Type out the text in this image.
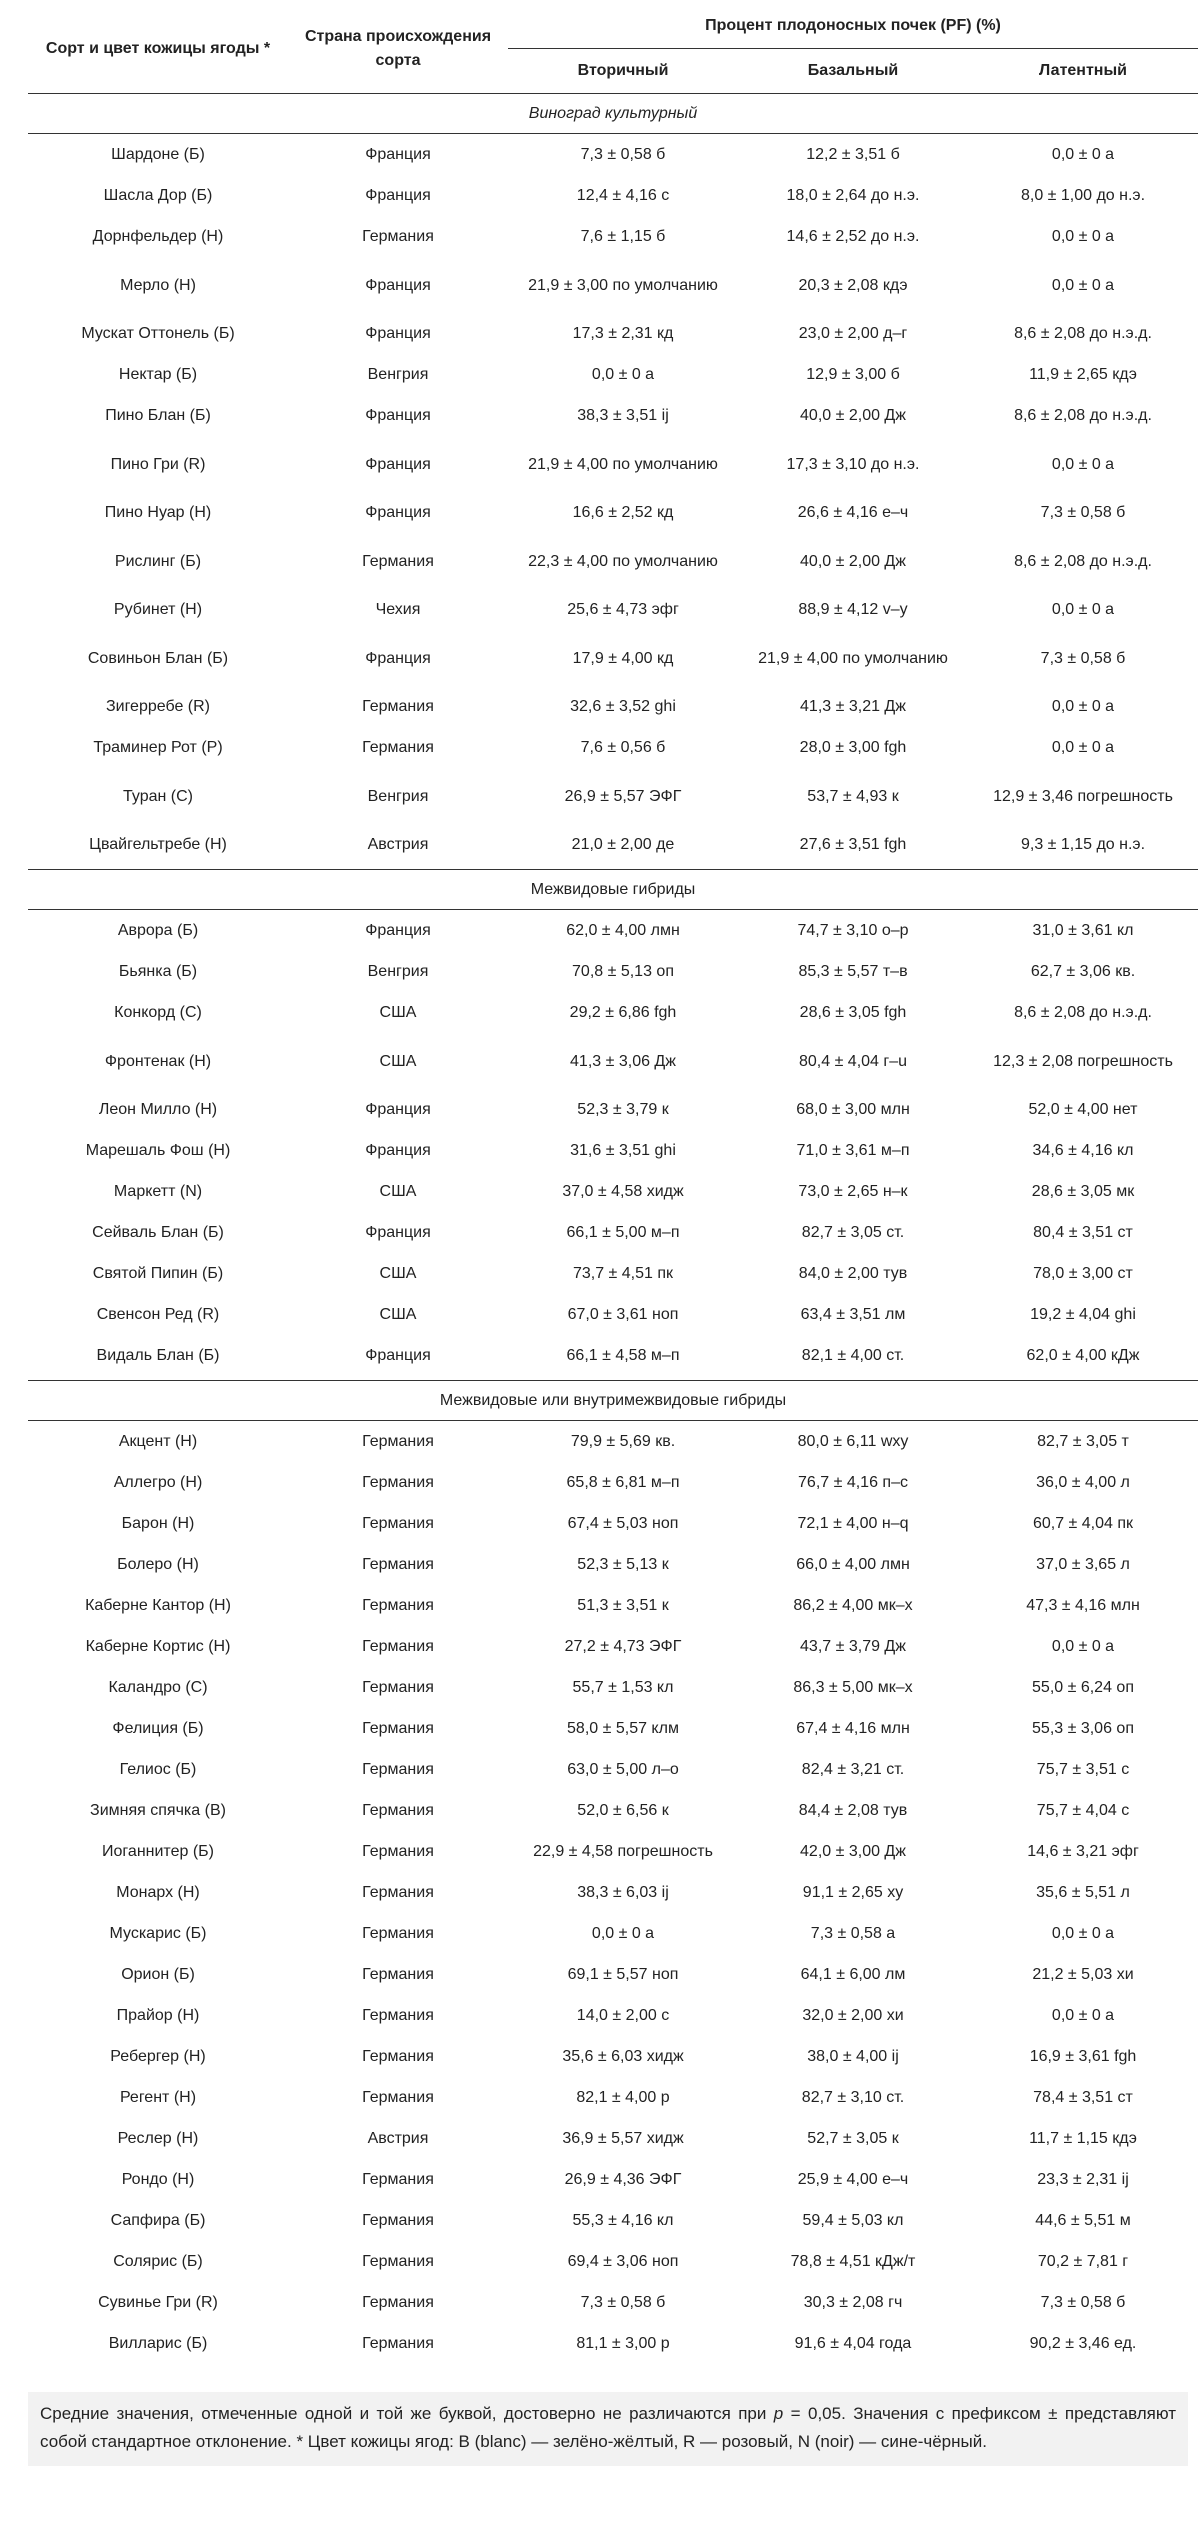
Сорт и цвет кожицы ягоды *	Страна происхождения сорта	Процент плодоносных почек (PF) (%)		
		Вторичный	Базальный	Латентный
Виноград культурный				
Шардоне (Б)	Франция	7,3 ± 0,58 б	12,2 ± 3,51 б	0,0 ± 0 а
Шасла Дор (Б)	Франция	12,4 ± 4,16 с	18,0 ± 2,64 до н.э.	8,0 ± 1,00 до н.э.
Дорнфельдер (Н)	Германия	7,6 ± 1,15 б	14,6 ± 2,52 до н.э.	0,0 ± 0 а
Мерло (Н)	Франция	21,9 ± 3,00 по умолчанию	20,3 ± 2,08 кдэ	0,0 ± 0 а
Мускат Оттонель (Б)	Франция	17,3 ± 2,31 кд	23,0 ± 2,00 д–г	8,6 ± 2,08 до н.э.д.
Нектар (Б)	Венгрия	0,0 ± 0 а	12,9 ± 3,00 б	11,9 ± 2,65 кдэ
Пино Блан (Б)	Франция	38,3 ± 3,51 ij	40,0 ± 2,00 Дж	8,6 ± 2,08 до н.э.д.
Пино Гри (R)	Франция	21,9 ± 4,00 по умолчанию	17,3 ± 3,10 до н.э.	0,0 ± 0 а
Пино Нуар (Н)	Франция	16,6 ± 2,52 кд	26,6 ± 4,16 е–ч	7,3 ± 0,58 б
Рислинг (Б)	Германия	22,3 ± 4,00 по умолчанию	40,0 ± 2,00 Дж	8,6 ± 2,08 до н.э.д.
Рубинет (Н)	Чехия	25,6 ± 4,73 эфг	88,9 ± 4,12 v–y	0,0 ± 0 а
Совиньон Блан (Б)	Франция	17,9 ± 4,00 кд	21,9 ± 4,00 по умолчанию	7,3 ± 0,58 б
Зигерребе (R)	Германия	32,6 ± 3,52 ghi	41,3 ± 3,21 Дж	0,0 ± 0 а
Траминер Рот (Р)	Германия	7,6 ± 0,56 б	28,0 ± 3,00 fgh	0,0 ± 0 а
Туран (С)	Венгрия	26,9 ± 5,57 ЭФГ	53,7 ± 4,93 к	12,9 ± 3,46 погрешность
Цвайгельтребе (Н)	Австрия	21,0 ± 2,00 де	27,6 ± 3,51 fgh	9,3 ± 1,15 до н.э.

Межвидовые гибриды				
Аврора (Б)	Франция	62,0 ± 4,00 лмн	74,7 ± 3,10 о–р	31,0 ± 3,61 кл
Бьянка (Б)	Венгрия	70,8 ± 5,13 оп	85,3 ± 5,57 т–в	62,7 ± 3,06 кв.
Конкорд (С)	США	29,2 ± 6,86 fgh	28,6 ± 3,05 fgh	8,6 ± 2,08 до н.э.д.
Фронтенак (Н)	США	41,3 ± 3,06 Дж	80,4 ± 4,04 г–u	12,3 ± 2,08 погрешность
Леон Милло (Н)	Франция	52,3 ± 3,79 к	68,0 ± 3,00 млн	52,0 ± 4,00 нет
Марешаль Фош (Н)	Франция	31,6 ± 3,51 ghi	71,0 ± 3,61 м–п	34,6 ± 4,16 кл
Маркетт (N)	США	37,0 ± 4,58 хидж	73,0 ± 2,65 н–к	28,6 ± 3,05 мк
Сейваль Блан (Б)	Франция	66,1 ± 5,00 м–п	82,7 ± 3,05 ст.	80,4 ± 3,51 ст
Святой Пипин (Б)	США	73,7 ± 4,51 пк	84,0 ± 2,00 тув	78,0 ± 3,00 ст
Свенсон Ред (R)	США	67,0 ± 3,61 ноп	63,4 ± 3,51 лм	19,2 ± 4,04 ghi
Видаль Блан (Б)	Франция	66,1 ± 4,58 м–п	82,1 ± 4,00 ст.	62,0 ± 4,00 кДж

Межвидовые или внутримежвидовые гибриды				
Акцент (Н)	Германия	79,9 ± 5,69 кв.	80,0 ± 6,11 wxy	82,7 ± 3,05 т
Аллегро (Н)	Германия	65,8 ± 6,81 м–п	76,7 ± 4,16 п–с	36,0 ± 4,00 л
Барон (Н)	Германия	67,4 ± 5,03 ноп	72,1 ± 4,00 н–q	60,7 ± 4,04 пк
Болеро (Н)	Германия	52,3 ± 5,13 к	66,0 ± 4,00 лмн	37,0 ± 3,65 л
Каберне Кантор (Н)	Германия	51,3 ± 3,51 к	86,2 ± 4,00 мк–х	47,3 ± 4,16 млн
Каберне Кортис (Н)	Германия	27,2 ± 4,73 ЭФГ	43,7 ± 3,79 Дж	0,0 ± 0 а
Каландро (С)	Германия	55,7 ± 1,53 кл	86,3 ± 5,00 мк–х	55,0 ± 6,24 оп
Фелиция (Б)	Германия	58,0 ± 5,57 клм	67,4 ± 4,16 млн	55,3 ± 3,06 оп
Гелиос (Б)	Германия	63,0 ± 5,00 л–о	82,4 ± 3,21 ст.	75,7 ± 3,51 с
Зимняя спячка (В)	Германия	52,0 ± 6,56 к	84,4 ± 2,08 тув	75,7 ± 4,04 с
Иоганнитер (Б)	Германия	22,9 ± 4,58 погрешность	42,0 ± 3,00 Дж	14,6 ± 3,21 эфг
Монарх (Н)	Германия	38,3 ± 6,03 ij	91,1 ± 2,65 ху	35,6 ± 5,51 л
Мускарис (Б)	Германия	0,0 ± 0 а	7,3 ± 0,58 а	0,0 ± 0 а
Орион (Б)	Германия	69,1 ± 5,57 ноп	64,1 ± 6,00 лм	21,2 ± 5,03 хи
Прайор (Н)	Германия	14,0 ± 2,00 с	32,0 ± 2,00 хи	0,0 ± 0 а
Ребергер (Н)	Германия	35,6 ± 6,03 хидж	38,0 ± 4,00 ij	16,9 ± 3,61 fgh
Регент (Н)	Германия	82,1 ± 4,00 р	82,7 ± 3,10 ст.	78,4 ± 3,51 ст
Реслер (Н)	Австрия	36,9 ± 5,57 хидж	52,7 ± 3,05 к	11,7 ± 1,15 кдэ
Рондо (Н)	Германия	26,9 ± 4,36 ЭФГ	25,9 ± 4,00 е–ч	23,3 ± 2,31 ij
Сапфира (Б)	Германия	55,3 ± 4,16 кл	59,4 ± 5,03 кл	44,6 ± 5,51 м
Солярис (Б)	Германия	69,4 ± 3,06 ноп	78,8 ± 4,51 кДж/т	70,2 ± 7,81 г
Сувинье Гри (R)	Германия	7,3 ± 0,58 б	30,3 ± 2,08 гч	7,3 ± 0,58 б
Вилларис (Б)	Германия	81,1 ± 3,00 р	91,6 ± 4,04 года	90,2 ± 3,46 ед.
Средние значения, отмеченные одной и той же буквой, достоверно не различаются при p = 0,05. Значения с префиксом ± представляют собой стандартное отклонение. * Цвет кожицы ягод: B (blanc) — зелёно-жёлтый, R — розовый, N (noir) — сине-чёрный.
